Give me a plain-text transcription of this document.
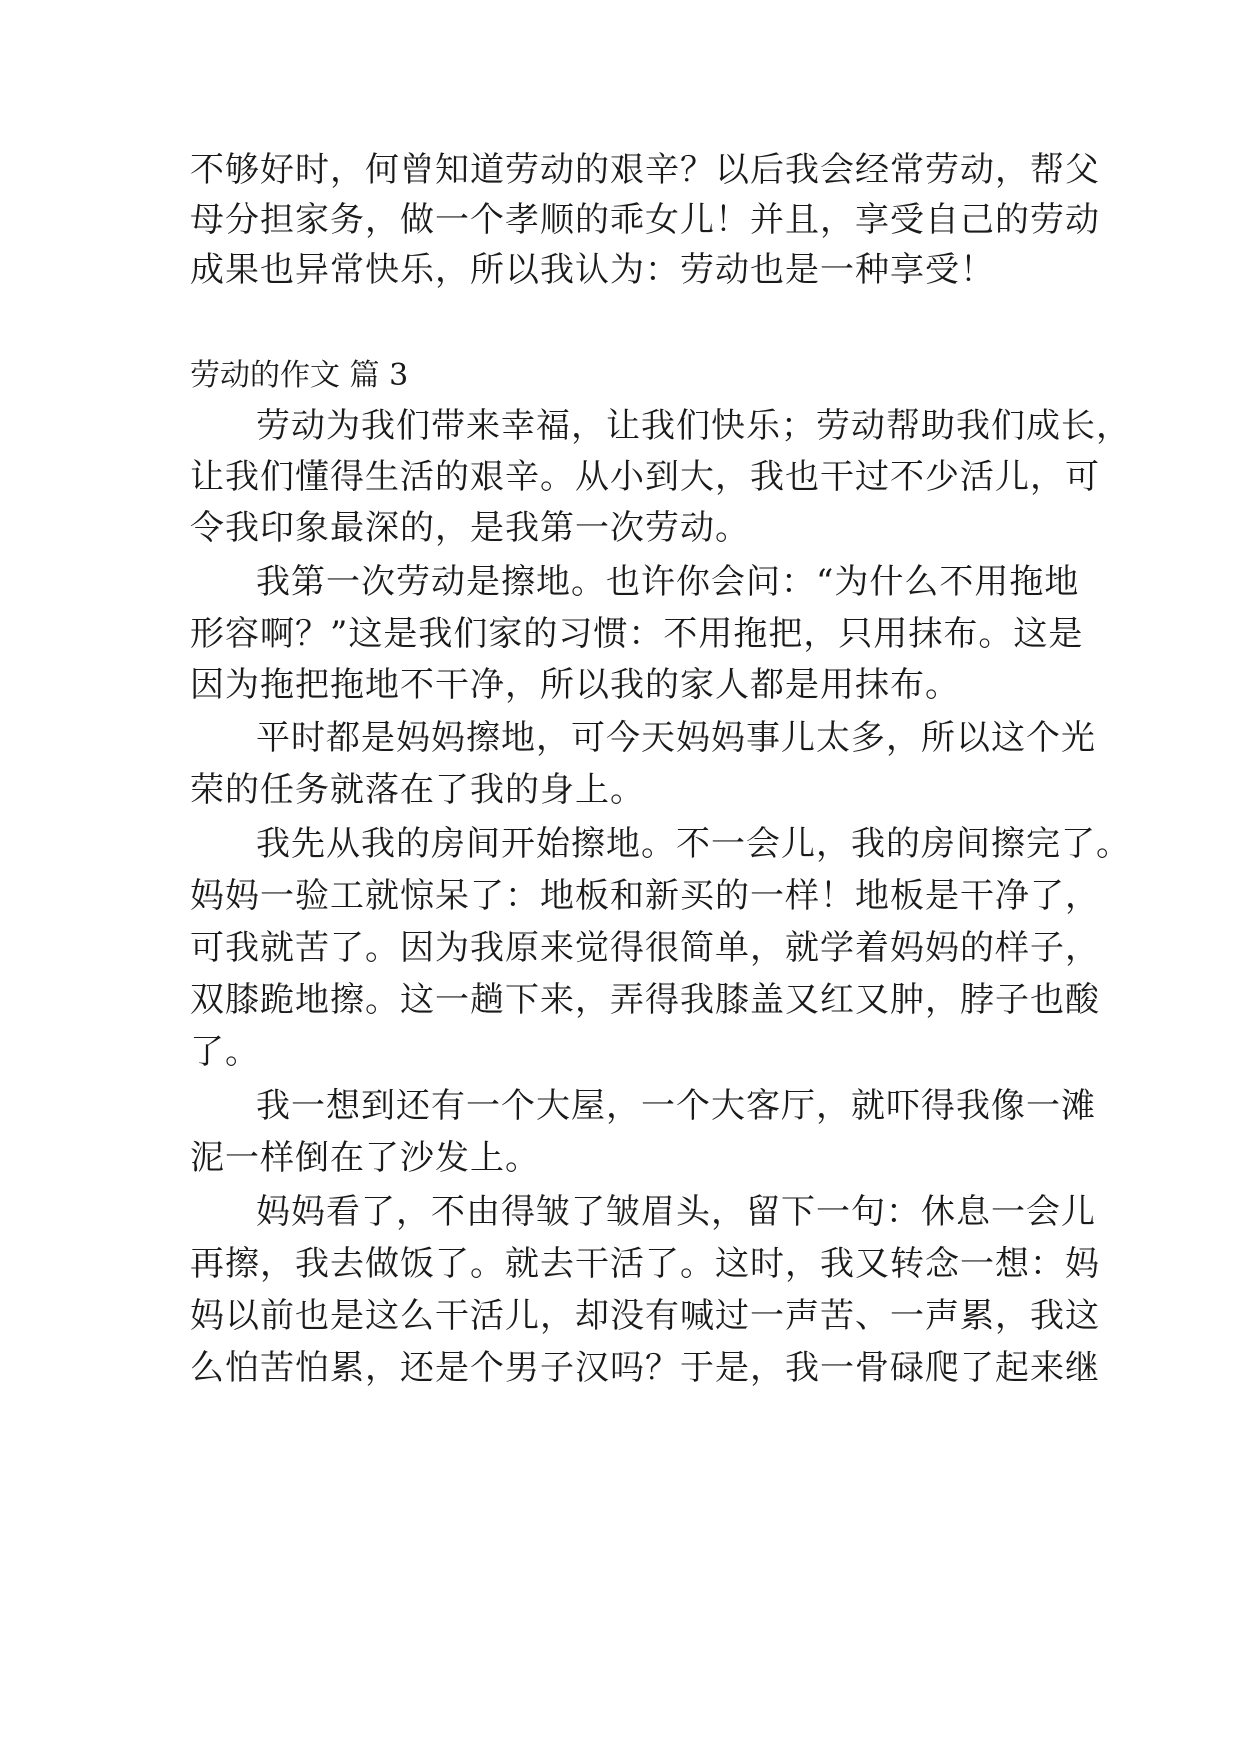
不够好时，何曾知道劳动的艰辛？以后我会经常劳动，帮父
母分担家务，做一个孝顺的乖女儿！并且，享受自己的劳动
成果也异常快乐，所以我认为：劳动也是一种享受！
劳动的作文 篇 3
劳动为我们带来幸福，让我们快乐；劳动帮助我们成长，
让我们懂得生活的艰辛。从小到大，我也干过不少活儿，可
令我印象最深的，是我第一次劳动。
我第一次劳动是擦地。也许你会问：“为什么不用拖地
形容啊？”这是我们家的习惯：不用拖把，只用抹布。这是
因为拖把拖地不干净，所以我的家人都是用抹布。
平时都是妈妈擦地，可今天妈妈事儿太多，所以这个光
荣的任务就落在了我的身上。
我先从我的房间开始擦地。不一会儿，我的房间擦完了。
妈妈一验工就惊呆了：地板和新买的一样！地板是干净了，
可我就苦了。因为我原来觉得很简单，就学着妈妈的样子，
双膝跪地擦。这一趟下来，弄得我膝盖又红又肿，脖子也酸
了。
我一想到还有一个大屋，一个大客厅，就吓得我像一滩
泥一样倒在了沙发上。
妈妈看了，不由得皱了皱眉头，留下一句：休息一会儿
再擦，我去做饭了。就去干活了。这时，我又转念一想：妈
妈以前也是这么干活儿，却没有喊过一声苦、一声累，我这
么怕苦怕累，还是个男子汉吗？于是，我一骨碌爬了起来继
